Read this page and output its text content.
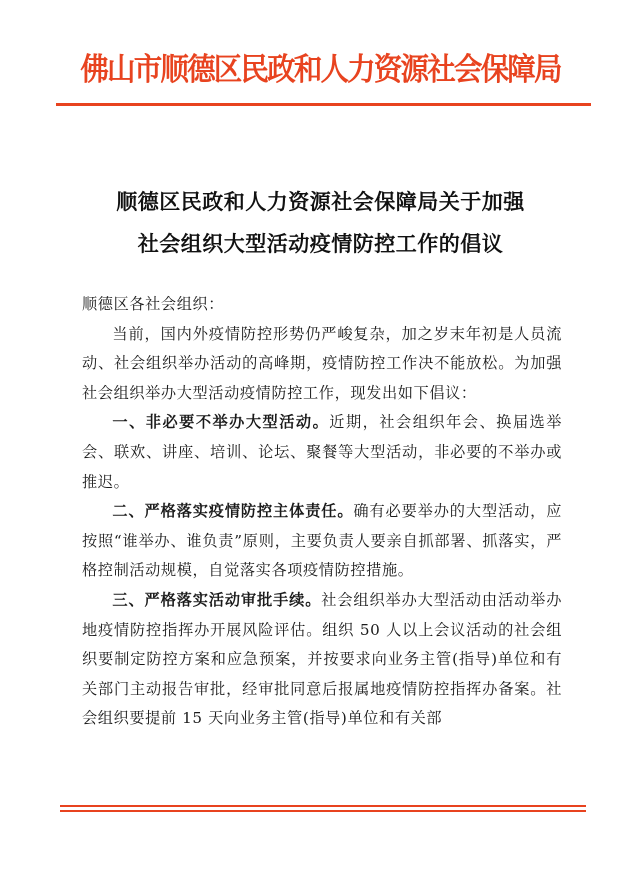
佛山市顺德区民政和人力资源社会保障局
顺德区民政和人力资源社会保障局关于加强
社会组织大型活动疫情防控工作的倡议

顺德区各社会组织：

当前，国内外疫情防控形势仍严峻复杂，加之岁末年初是人员流动、社会组织举办活动的高峰期，疫情防控工作决不能放松。为加强社会组织举办大型活动疫情防控工作，现发出如下倡议：

一、非必要不举办大型活动。近期，社会组织年会、换届选举会、联欢、讲座、培训、论坛、聚餐等大型活动，非必要的不举办或推迟。

二、严格落实疫情防控主体责任。确有必要举办的大型活动，应按照“谁举办、谁负责”原则，主要负责人要亲自抓部署、抓落实，严格控制活动规模，自觉落实各项疫情防控措施。

三、严格落实活动审批手续。社会组织举办大型活动由活动举办地疫情防控指挥办开展风险评估。组织 50 人以上会议活动的社会组织要制定防控方案和应急预案，并按要求向业务主管(指导)单位和有关部门主动报告审批，经审批同意后报属地疫情防控指挥办备案。社会组织要提前 15 天向业务主管(指导)单位和有关部
